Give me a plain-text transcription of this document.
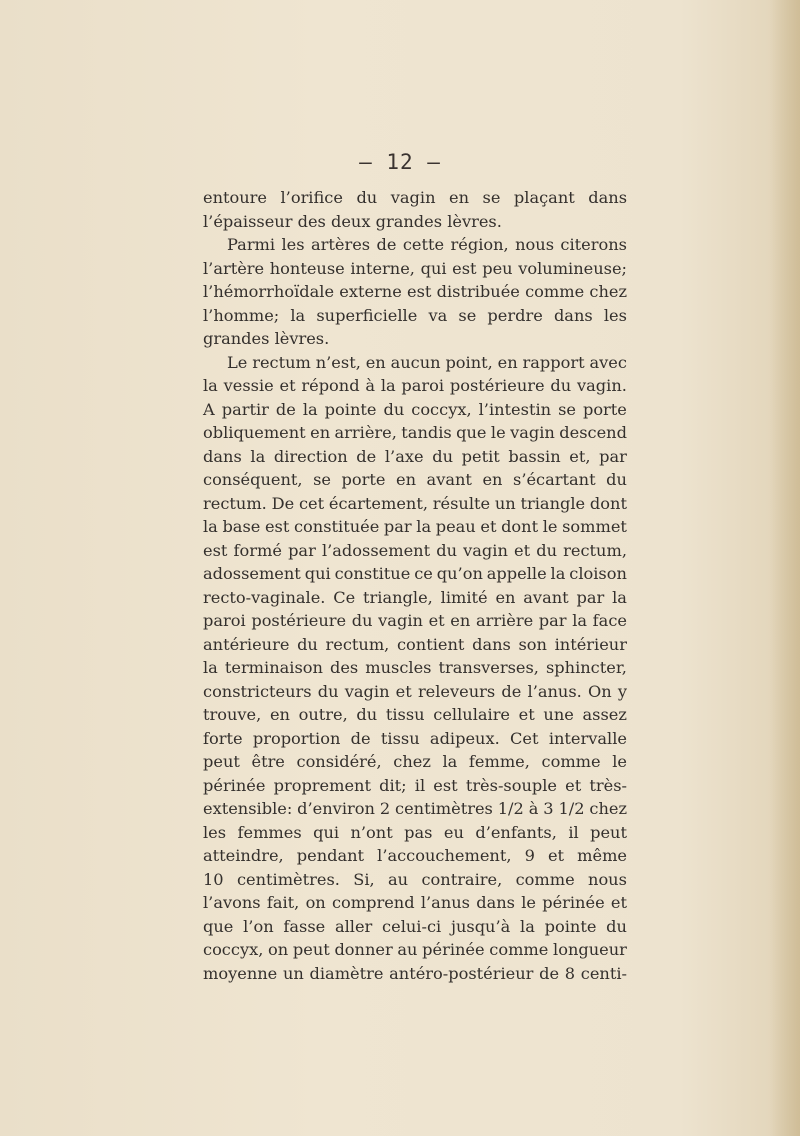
— 12 —
entoure l’orifice du vagin en se plaçant dans
l’épaisseur des deux grandes lèvres.
Parmi les artères de cette région, nous citerons
l’artère honteuse interne, qui est peu volumineuse;
l’hémorrhoïdale externe est distribuée comme chez
l’homme; la superficielle va se perdre dans les
grandes lèvres.
Le rectum n’est, en aucun point, en rapport avec
la vessie et répond à la paroi postérieure du vagin.
A partir de la pointe du coccyx, l’intestin se porte
obliquement en arrière, tandis que le vagin descend
dans la direction de l’axe du petit bassin et, par
conséquent, se porte en avant en s’écartant du
rectum. De cet écartement, résulte un triangle dont
la base est constituée par la peau et dont le sommet
est formé par l’adossement du vagin et du rectum,
adossement qui constitue ce qu’on appelle la cloison
recto-vaginale. Ce triangle, limité en avant par la
paroi postérieure du vagin et en arrière par la face
antérieure du rectum, contient dans son intérieur
la terminaison des muscles transverses, sphincter,
constricteurs du vagin et releveurs de l’anus. On y
trouve, en outre, du tissu cellulaire et une assez
forte proportion de tissu adipeux. Cet intervalle
peut être considéré, chez la femme, comme le
périnée proprement dit; il est très-souple et très-
extensible: d’environ 2 centimètres 1/2 à 3 1/2 chez
les femmes qui n’ont pas eu d’enfants, il peut
atteindre, pendant l’accouchement, 9 et même
10 centimètres. Si, au contraire, comme nous
l’avons fait, on comprend l’anus dans le périnée et
que l’on fasse aller celui-ci jusqu’à la pointe du
coccyx, on peut donner au périnée comme longueur
moyenne un diamètre antéro-postérieur de 8 centi-
